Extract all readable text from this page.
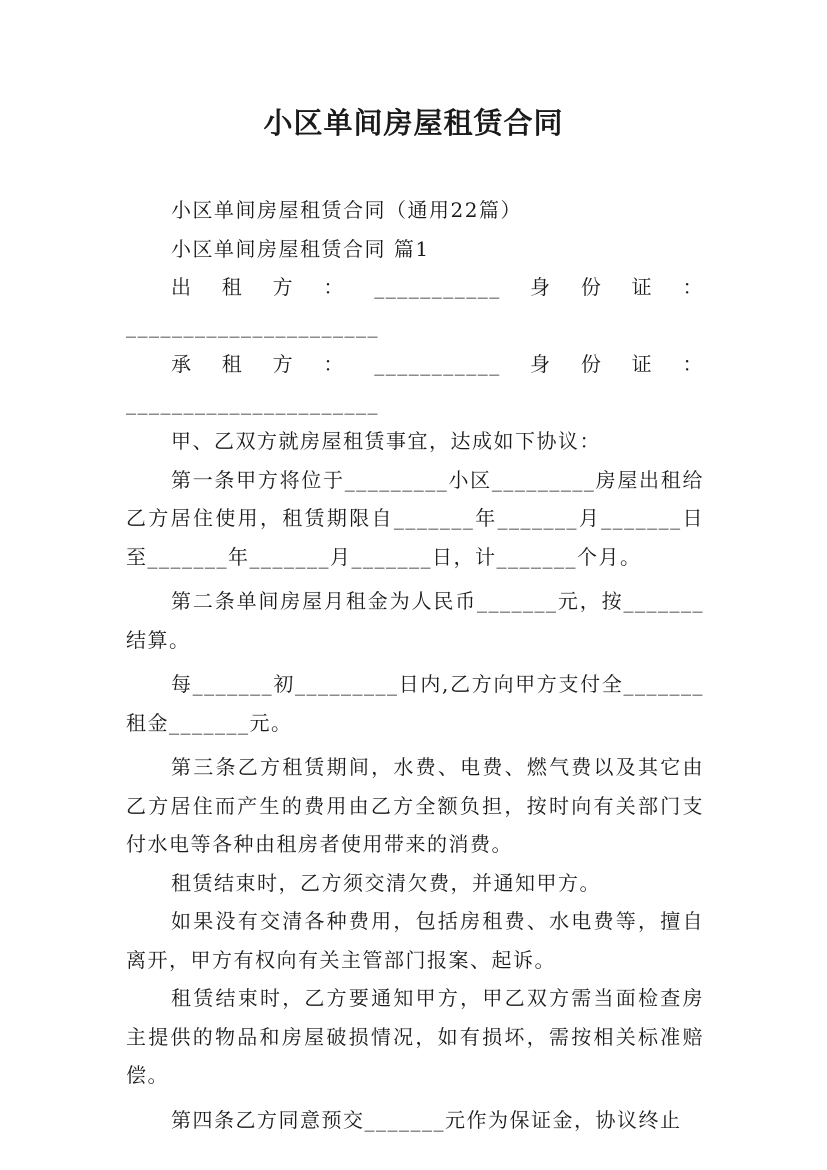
小区单间房屋租赁合同

小区单间房屋租赁合同（通用22篇）

小区单间房屋租赁合同 篇1

出租方：___________身份证：______________________

承租方：___________身份证：______________________

甲、乙双方就房屋租赁事宜，达成如下协议：

第一条甲方将位于_________小区_________房屋出租给乙方居住使用，租赁期限自_______年_______月_______日至_______年_______月_______日，计_______个月。

第二条单间房屋月租金为人民币_______元，按_______结算。

每_______初_________日内,乙方向甲方支付全_______租金_______元。

第三条乙方租赁期间，水费、电费、燃气费以及其它由乙方居住而产生的费用由乙方全额负担，按时向有关部门支付水电等各种由租房者使用带来的消费。

租赁结束时，乙方须交清欠费，并通知甲方。

如果没有交清各种费用，包括房租费、水电费等，擅自离开，甲方有权向有关主管部门报案、起诉。

租赁结束时，乙方要通知甲方，甲乙双方需当面检查房主提供的物品和房屋破损情况，如有损坏，需按相关标准赔偿。

第四条乙方同意预交_______元作为保证金，协议终止
